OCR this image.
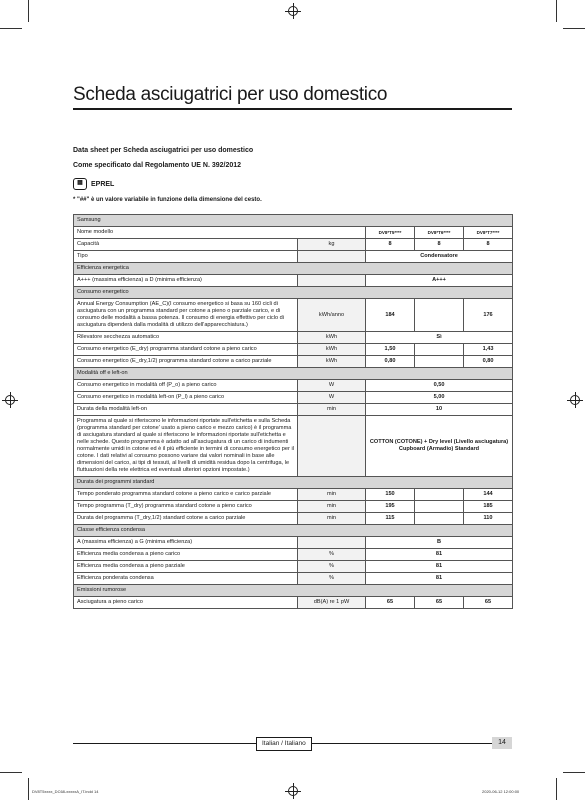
Scheda asciugatrici per uso domestico
Data sheet per Scheda asciugatrici per uso domestico
Come specificato dal Regolamento UE N. 392/2012
▦	EPREL
* "##" è un valore variabile in funzione della dimensione del cesto.
Samsung				
Nome modello		DV8*T5****	DV8*T6****	DV8*T7****
Capacità	kg	8	8	8
Tipo		Condensatore		
Efficienza energetica				
A+++ (massima efficienza) a D (minima efficienza)		A+++		
Consumo energetico				
Annual Energy Consumption (AE_C)(I consumo energetico si basa su 160 cicli di asciugatura con un programma standard per cotone a pieno o parziale carico, e di consumo delle modalità a bassa potenza. Il consumo di energia effettivo per ciclo di asciugatura dipenderà dalla modalità di utilizzo dell'apparecchiatura.)	kWh/anno	184		176
Rilevatore secchezza automatico	kWh	Sì		
Consumo energetico (E_dry) programma standard cotone a pieno carico	kWh	1,50		1,43
Consumo energetico (E_dry,1/2) programma standard cotone a carico parziale	kWh	0,80		0,80
Modalità off e left-on				
Consumo energetico in modalità off (P_o) a pieno carico	W	0,50		
Consumo energetico in modalità left-on (P_l) a pieno carico	W	5,00		
Durata della modalità left-on	min	10		
Programma al quale si riferiscono le informazioni riportate sull'etichetta e sulla Scheda (programma standard per cotone' usato a pieno carico e mezzo carico) è il programma di asciugatura standard al quale si riferiscono le informazioni riportate sull'etichetta e nelle schede. Questo programma è adatto ad all'asciugatura di un carico di indumenti normalmente umidi in cotone ed è il più efficiente in termini di consumo energetico per il cotone. I dati relativi al consumo possono variare dai valori nominali in base alle dimensioni del carico, ai tipi di tessuti, al livelli di umidità residua dopo la centrifuga, le fluttuazioni della rete elettrica ed eventuali ulteriori opzioni impostate.)		COTTON (COTONE) + Dry level (Livello asciugatura) Cupboard (Armadio) Standard		
Durata dei programmi standard				
Tempo ponderato programma standard cotone a pieno carico e carico parziale	min	150		144
Tempo programma (T_dry) programma standard cotone a pieno carico	min	195		185
Durata del programma (T_dry,1/2) standard cotone a carico parziale	min	115		110
Classe efficienza condensa				
A (massima efficienza) a G (minima efficienza)		B		
Efficienza media condensa a pieno carico	%	81		
Efficienza media condensa a pieno parziale	%	81		
Efficienza ponderata condensa	%	81		
Emissioni rumorose				
Asciugatura a pieno carico	dB(A) re 1 pW	65	65	65
Italian / Italiano	14
DV8T5xxxx_DC68-xxxxxA_IT.indd 14	2020-06-12 12:00:00
